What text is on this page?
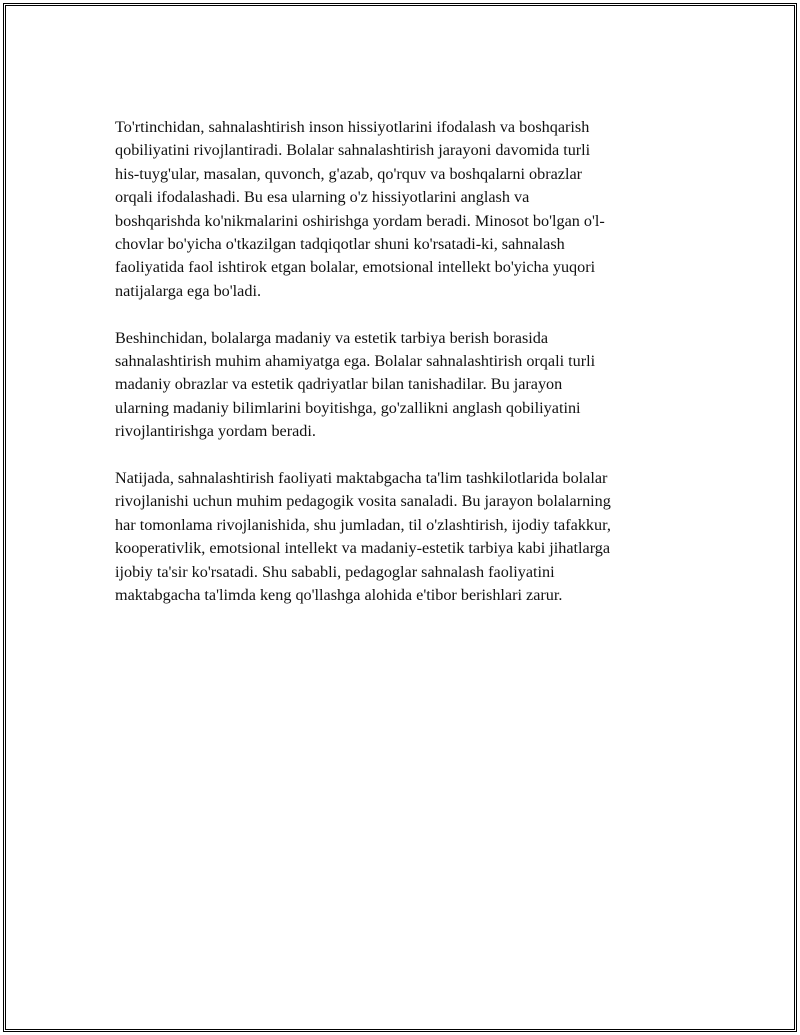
To'rtinchidan, sahnalashtirish inson hissiyotlarini ifodalash va boshqarish
qobiliyatini rivojlantiradi. Bolalar sahnalashtirish jarayoni davomida turli
his-tuyg'ular, masalan, quvonch, g'azab, qo'rquv va boshqalarni obrazlar
orqali ifodalashadi. Bu esa ularning o'z hissiyotlarini anglash va
boshqarishda ko'nikmalarini oshirishga yordam beradi. Minosot bo'lgan o'l-
chovlar bo'yicha o'tkazilgan tadqiqotlar shuni ko'rsatadi-ki, sahnalash
faoliyatida faol ishtirok etgan bolalar, emotsional intellekt bo'yicha yuqori
natijalarga ega bo'ladi.

Beshinchidan, bolalarga madaniy va estetik tarbiya berish borasida
sahnalashtirish muhim ahamiyatga ega. Bolalar sahnalashtirish orqali turli
madaniy obrazlar va estetik qadriyatlar bilan tanishadilar. Bu jarayon
ularning madaniy bilimlarini boyitishga, go'zallikni anglash qobiliyatini
rivojlantirishga yordam beradi.

Natijada, sahnalashtirish faoliyati maktabgacha ta'lim tashkilotlarida bolalar
rivojlanishi uchun muhim pedagogik vosita sanaladi. Bu jarayon bolalarning
har tomonlama rivojlanishida, shu jumladan, til o'zlashtirish, ijodiy tafakkur,
kooperativlik, emotsional intellekt va madaniy-estetik tarbiya kabi jihatlarga
ijobiy ta'sir ko'rsatadi. Shu sababli, pedagoglar sahnalash faoliyatini
maktabgacha ta'limda keng qo'llashga alohida e'tibor berishlari zarur.
